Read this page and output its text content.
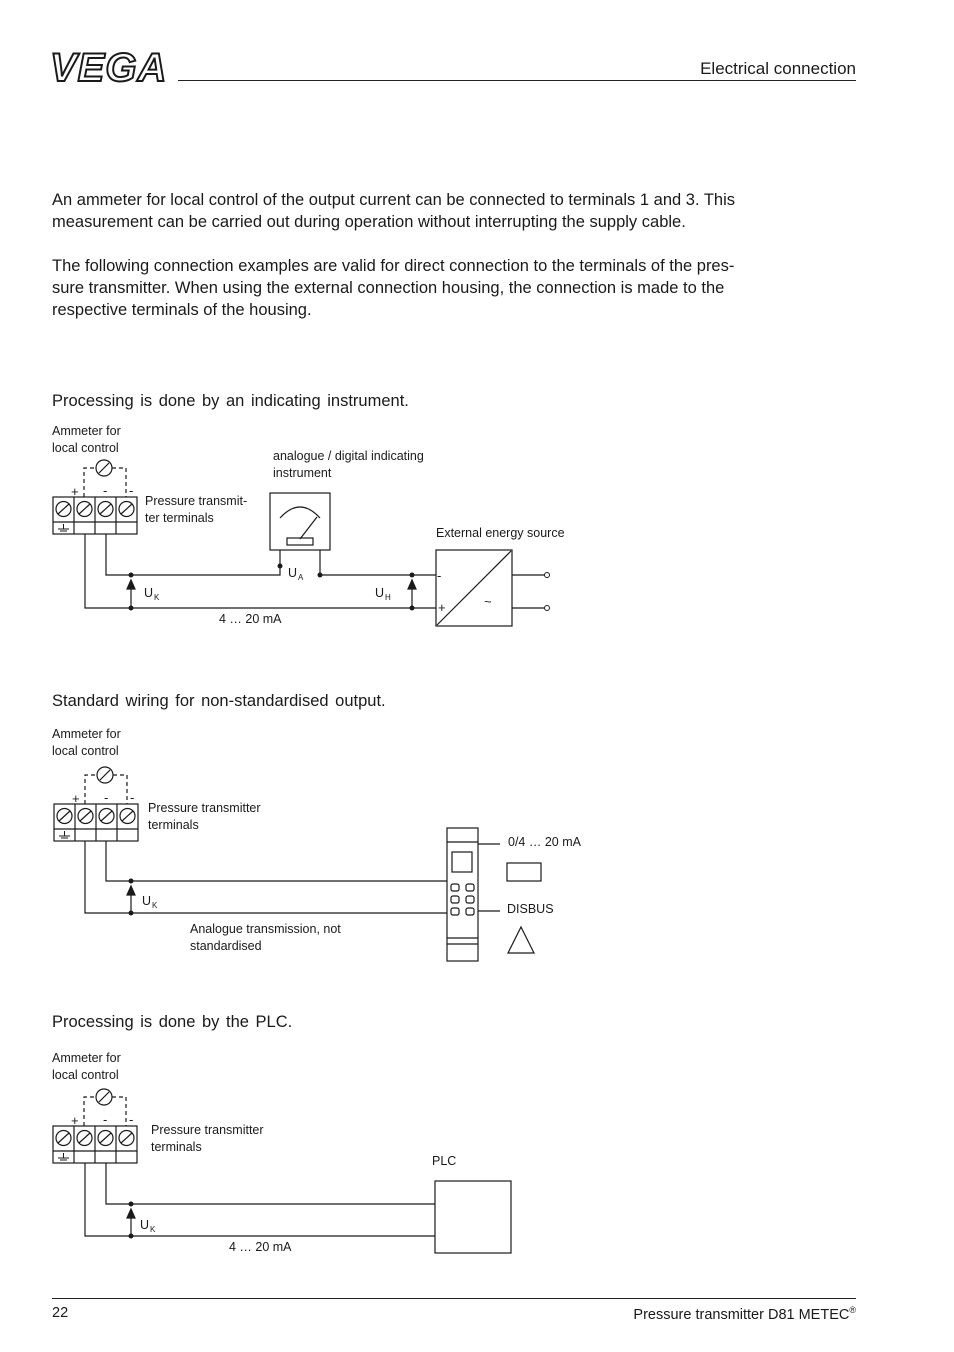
VEGA	Electrical connection
An ammeter for local control of the output current can be connected to terminals 1 and 3. This
measurement can be carried out during operation without interrupting the supply cable.
The following connection examples are valid for direct connection to the terminals of the pres-
sure transmitter. When using the external connection housing, the connection is made to the
respective terminals of the housing.
Processing is done by an indicating instrument.
Ammeter for
local control
Pressure transmit-
ter terminals
analogue / digital indicating
instrument
External energy source
$U_K$
$U_A$
$U_H$
4 … 20 mA
+ - -
-
+	~
Standard wiring for non-standardised output.
Ammeter for
local control
Pressure transmitter
terminals
0/4 … 20 mA
DISBUS
$U_K$
Analogue transmission, not
standardised
+ - -
Processing is done by the PLC.
Ammeter for
local control
Pressure transmitter
terminals
PLC
$U_K$
4 … 20 mA
+ - -
22	Pressure transmitter D81 METEC®
